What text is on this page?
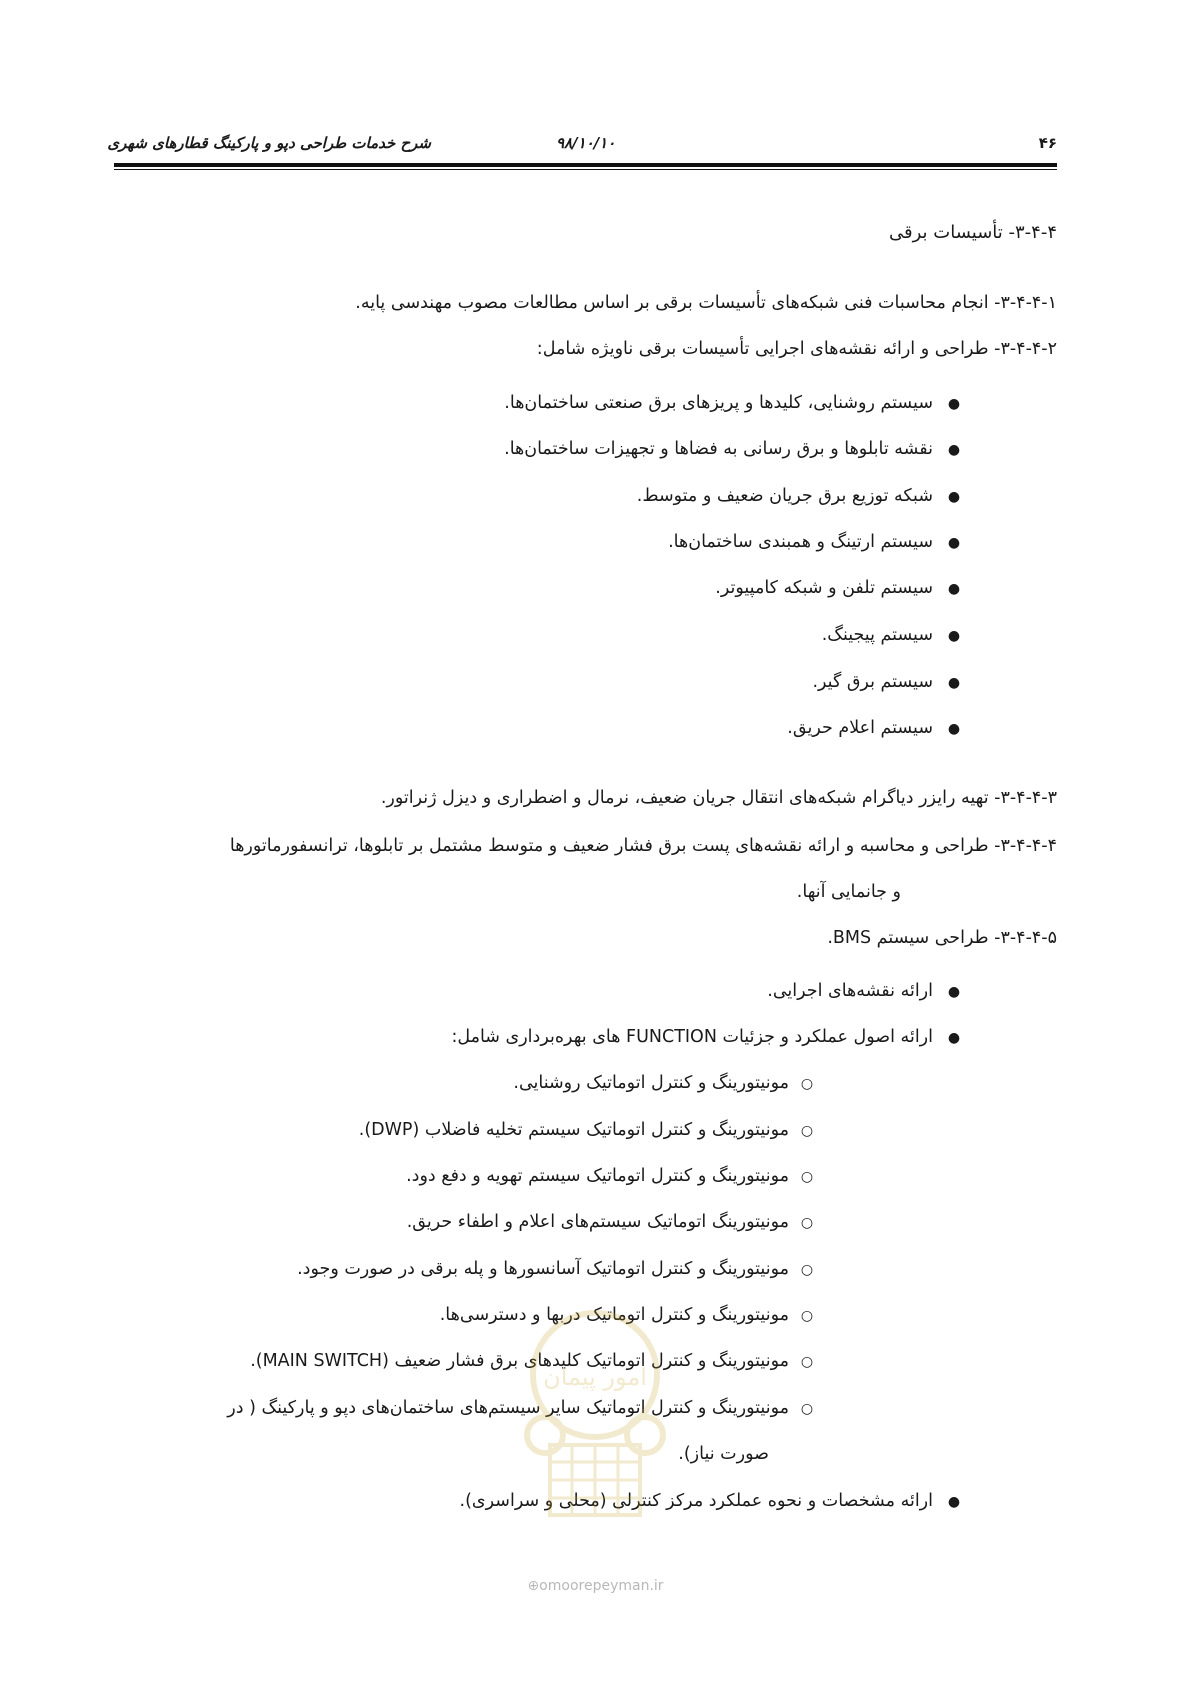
شرح خدمات طراحی دپو و پارکینگ قطارهای شهری	۹۸/۱۰/۱۰	۴۶
۳-۴-۴- تأسیسات برقی
۳-۴-۴-۱- انجام محاسبات فنی شبکه‌های تأسیسات برقی بر اساس مطالعات مصوب مهندسی پایه.
۳-۴-۴-۲- طراحی و ارائه نقشه‌های اجرایی تأسیسات برقی ناویژه شامل:
●سیستم روشنایی، کلیدها و پریزهای برق صنعتی ساختمان‌ها.
●نقشه تابلوها و برق رسانی به فضاها و تجهیزات ساختمان‌ها.
●شبکه توزیع برق جریان ضعیف و متوسط.
●سیستم ارتینگ و همبندی ساختمان‌ها.
●سیستم تلفن و شبکه کامپیوتر.
●سیستم پیجینگ.
●سیستم برق گیر.
●سیستم اعلام حریق.
۳-۴-۴-۳- تهیه رایزر دیاگرام شبکه‌های انتقال جریان ضعیف، نرمال و اضطراری و دیزل ژنراتور.
۳-۴-۴-۴- طراحی و محاسبه و ارائه نقشه‌های پست برق فشار ضعیف و متوسط مشتمل بر تابلوها، ترانسفورماتورها
و جانمایی آنها.
۳-۴-۴-۵- طراحی سیستم BMS.
●ارائه نقشه‌های اجرایی.
●ارائه اصول عملکرد و جزئیات FUNCTION های بهره‌برداری شامل:
○مونیتورینگ و کنترل اتوماتیک روشنایی.
○مونیتورینگ و کنترل اتوماتیک سیستم تخلیه فاضلاب (DWP).
○مونیتورینگ و کنترل اتوماتیک سیستم تهویه و دفع دود.
○مونیتورینگ اتوماتیک سیستم‌های اعلام و اطفاء حریق.
○مونیتورینگ و کنترل اتوماتیک آسانسورها و پله برقی در صورت وجود.
○مونیتورینگ و کنترل اتوماتیک دربها و دسترسی‌ها.
○مونیتورینگ و کنترل اتوماتیک کلیدهای برق فشار ضعیف (MAIN SWITCH).
○مونیتورینگ و کنترل اتوماتیک سایر سیستم‌های ساختمان‌های دپو و پارکینگ ( در
صورت نیاز).
●ارائه مشخصات و نحوه عملکرد مرکز کنترلی (محلی و سراسری).
امور پیمان
⊕omoorepeyman.ir
